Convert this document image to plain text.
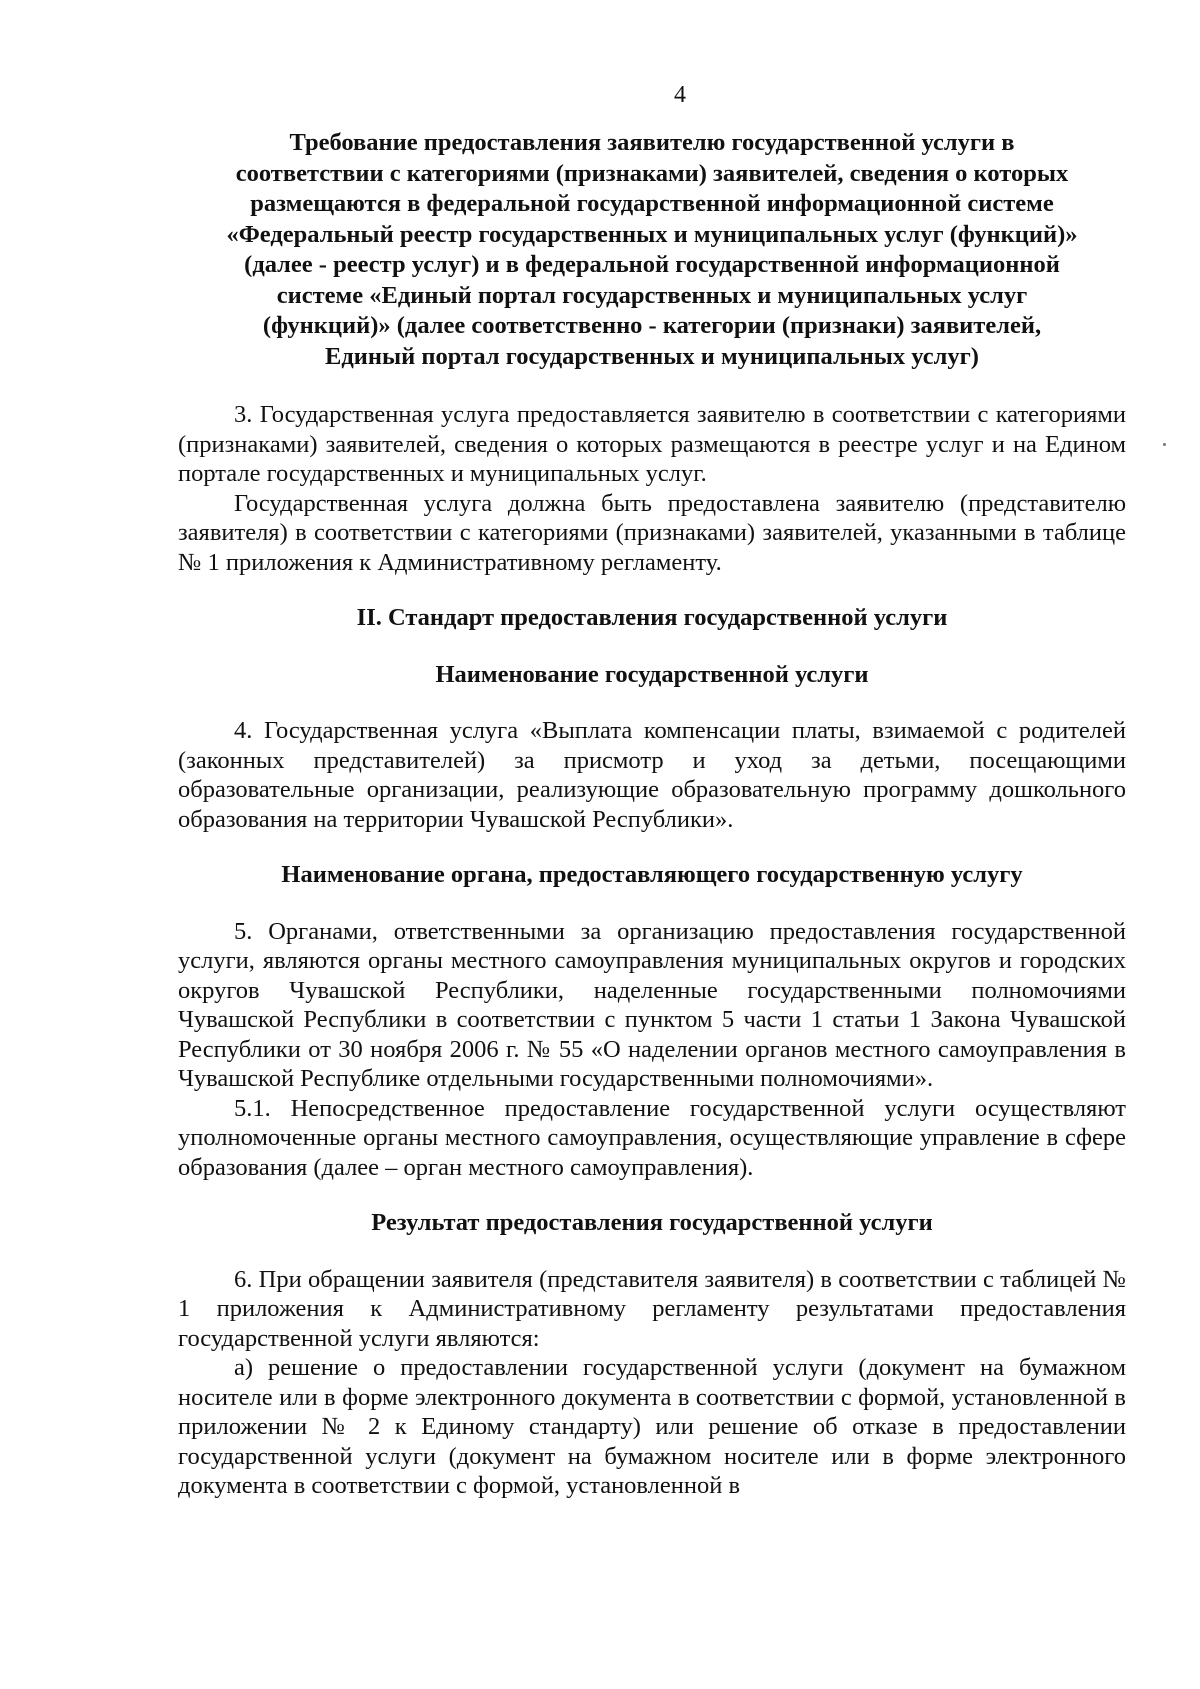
4
Требование предоставления заявителю государственной услуги в
соответствии с категориями (признаками) заявителей, сведения о которых
размещаются в федеральной государственной информационной системе
«Федеральный реестр государственных и муниципальных услуг (функций)»
(далее - реестр услуг) и в федеральной государственной информационной
системе «Единый портал государственных и муниципальных услуг
(функций)» (далее соответственно - категории (признаки) заявителей,
Единый портал государственных и муниципальных услуг)

3. Государственная услуга предоставляется заявителю в соответствии с категориями (признаками) заявителей, сведения о которых размещаются в реестре услуг и на Едином портале государственных и муниципальных услуг.

Государственная услуга должна быть предоставлена заявителю (представителю заявителя) в соответствии с категориями (признаками) заявителей, указанными в таблице № 1 приложения к Административному регламенту.

II. Стандарт предоставления государственной услуги
Наименование государственной услуги

4. Государственная услуга «Выплата компенсации платы, взимаемой с родителей (законных представителей) за присмотр и уход за детьми, посещающими образовательные организации, реализующие образовательную программу дошкольного образования на территории Чувашской Республики».

Наименование органа, предоставляющего государственную услугу

5. Органами, ответственными за организацию предоставления государственной услуги, являются органы местного самоуправления муниципальных округов и городских округов Чувашской Республики, наделенные государственными полномочиями Чувашской Республики в соответствии с пунктом 5 части 1 статьи 1 Закона Чувашской Республики от 30 ноября 2006 г. № 55 «О наделении органов местного самоуправления в Чувашской Республике отдельными государственными полномочиями».

5.1. Непосредственное предоставление государственной услуги осуществляют уполномоченные органы местного самоуправления, осуществляющие управление в сфере образования (далее – орган местного самоуправления).

Результат предоставления государственной услуги

6. При обращении заявителя (представителя заявителя) в соответствии с таблицей № 1 приложения к Административному регламенту результатами предоставления государственной услуги являются:

а) решение о предоставлении государственной услуги (документ на бумажном носителе или в форме электронного документа в соответствии с формой, установленной в приложении № 2 к Единому стандарту) или решение об отказе в предоставлении государственной услуги (документ на бумажном носителе или в форме электронного документа в соответствии с формой, установленной в
